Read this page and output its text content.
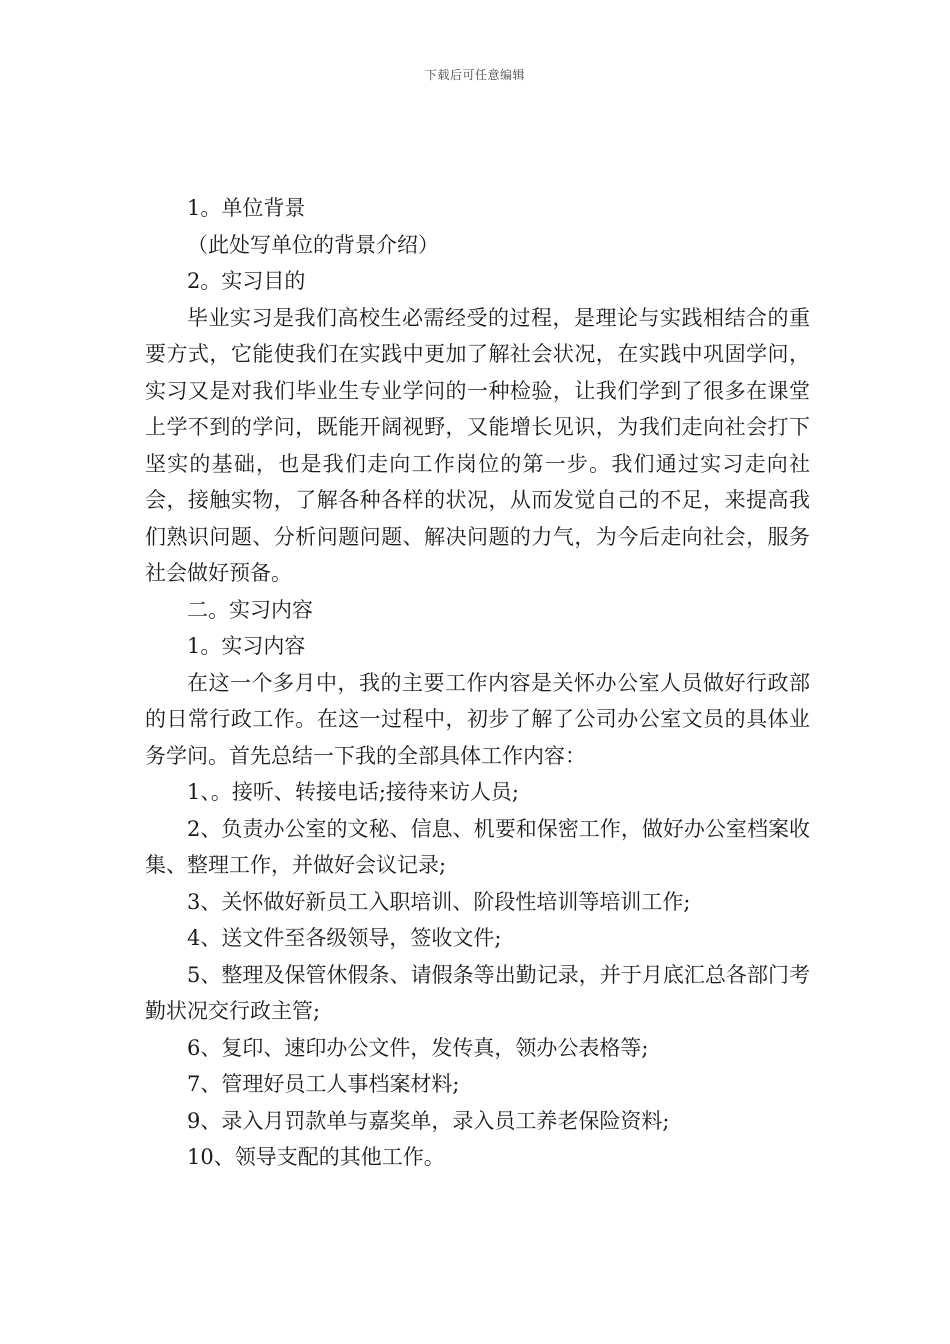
下载后可任意编辑

1。单位背景

（此处写单位的背景介绍）

2。实习目的

毕业实习是我们高校生必需经受的过程，是理论与实践相结合的重要方式，它能使我们在实践中更加了解社会状况，在实践中巩固学问，实习又是对我们毕业生专业学问的一种检验，让我们学到了很多在课堂上学不到的学问，既能开阔视野，又能增长见识，为我们走向社会打下坚实的基础，也是我们走向工作岗位的第一步。我们通过实习走向社会，接触实物，了解各种各样的状况，从而发觉自己的不足，来提高我们熟识问题、分析问题问题、解决问题的力气，为今后走向社会，服务社会做好预备。

二。实习内容

1。实习内容

在这一个多月中，我的主要工作内容是关怀办公室人员做好行政部的日常行政工作。在这一过程中，初步了解了公司办公室文员的具体业务学问。首先总结一下我的全部具体工作内容：

1、。接听、转接电话;接待来访人员;

2、负责办公室的文秘、信息、机要和保密工作，做好办公室档案收集、整理工作，并做好会议记录;

3、关怀做好新员工入职培训、阶段性培训等培训工作;

4、送文件至各级领导，签收文件;

5、整理及保管休假条、请假条等出勤记录，并于月底汇总各部门考勤状况交行政主管;

6、复印、速印办公文件，发传真，领办公表格等;

7、管理好员工人事档案材料;

9、录入月罚款单与嘉奖单，录入员工养老保险资料;

10、领导支配的其他工作。
